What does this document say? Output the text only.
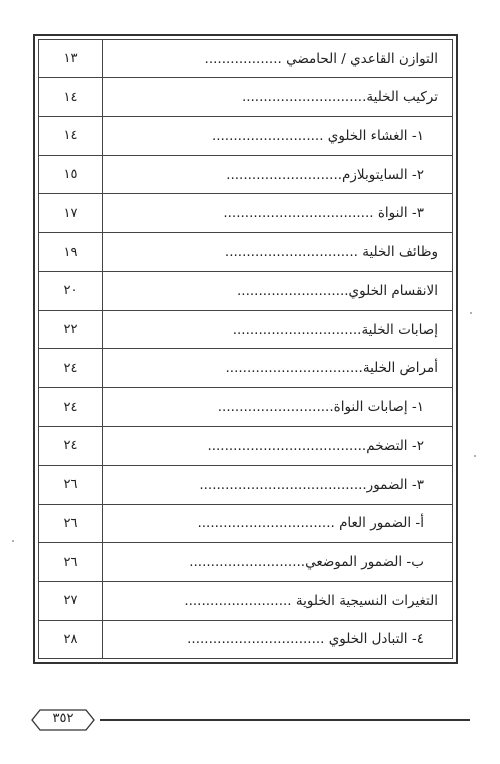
١٣	التوازن القاعدي / الحامضي ..................
١٤	تركيب الخلية.............................
١٤	١- الغشاء الخلوي ..........................
١٥	٢- السايتوبلازم...........................
١٧	٣- النواة ...................................
١٩	وظائف الخلية ...............................
٢٠	الانقسام الخلوي..........................
٢٢	إصابات الخلية..............................
٢٤	أمراض الخلية................................
٢٤	١- إصابات النواة...........................
٢٤	٢- التضخم.....................................
٢٦	٣- الضمور.......................................
٢٦	أ- الضمور العام ................................
٢٦	ب- الضمور الموضعي...........................
٢٧	التغيرات النسيجية الخلوية .........................
٢٨	٤- التبادل الخلوي ................................
٣٥٢
